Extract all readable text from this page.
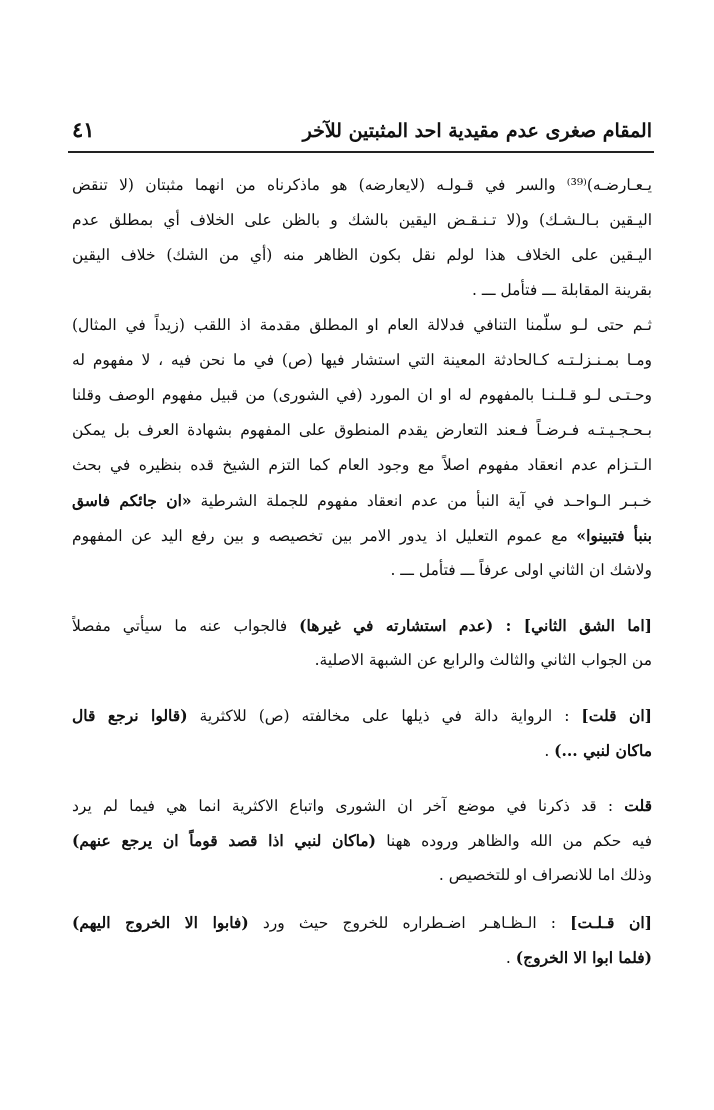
المقام صغرى عدم مقيدية احد المثبتين للآخر
٤١
يـعـارضـه)⁽³⁹⁾ والسر في قـولـه (لايعارضه) هو ماذكرناه من انهما مثبتان (لا تنقض
اليـقين بـالـشـك) و(لا تـنـقـض اليقين بالشك و بالظن على الخلاف أي بمطلق عدم
اليـقين على الخلاف هذا لولم نقل بكون الظاهر منه (أي من الشك) خلاف اليقين
بقرينة المقابلة ـــ فتأمل ـــ .
ثـم حتى لـو سلّمنا التنافي فدلالة العام او المطلق مقدمة اذ اللقب (زيداً في المثال)
ومـا بمـنـزلـتـه كـالحادثة المعينة التي استشار فيها (ص) في ما نحن فيه ، لا مفهوم له
وحـتـى لـو قـلـنـا بالمفهوم له او ان المورد (في الشورى) من قبيل مفهوم الوصف وقلنا
بـحـجـيـتـه فـرضـاً فـعند التعارض يقدم المنطوق على المفهوم بشهادة العرف بل يمكن
الـتـزام عدم انعقاد مفهوم اصلاً مع وجود العام كما التزم الشيخ قده بنظيره في بحث
خـبـر الـواحـد في آية النبأ من عدم انعقاد مفهوم للجملة الشرطية «ان جائكم فاسق
بنبأ فتبينوا» مع عموم التعليل اذ يدور الامر بين تخصيصه و بين رفع اليد عن المفهوم
ولاشك ان الثاني اولى عرفاً ـــ فتأمل ـــ .
[اما الشق الثاني] : (عدم استشارته في غيرها) فالجواب عنه ما سيأتي مفصلاً
من الجواب الثاني والثالث والرابع عن الشبهة الاصلية.
[ان قلت] : الرواية دالة في ذيلها على مخالفته (ص) للاكثرية (قالوا نرجع قال
ماكان لنبي ...) .
قلت : قد ذكرنا في موضع آخر ان الشورى واتباع الاكثرية انما هي فيما لم يرد
فيه حكم من الله والظاهر وروده ههنا (ماكان لنبي اذا قصد قوماً ان يرجع عنهم)
وذلك اما للانصراف او للتخصيص .
[ان قـلـت] : الـظـاهـر اضـطراره للخروج حيث ورد (فابوا الا الخروج اليهم)
(فلما ابوا الا الخروج) .
